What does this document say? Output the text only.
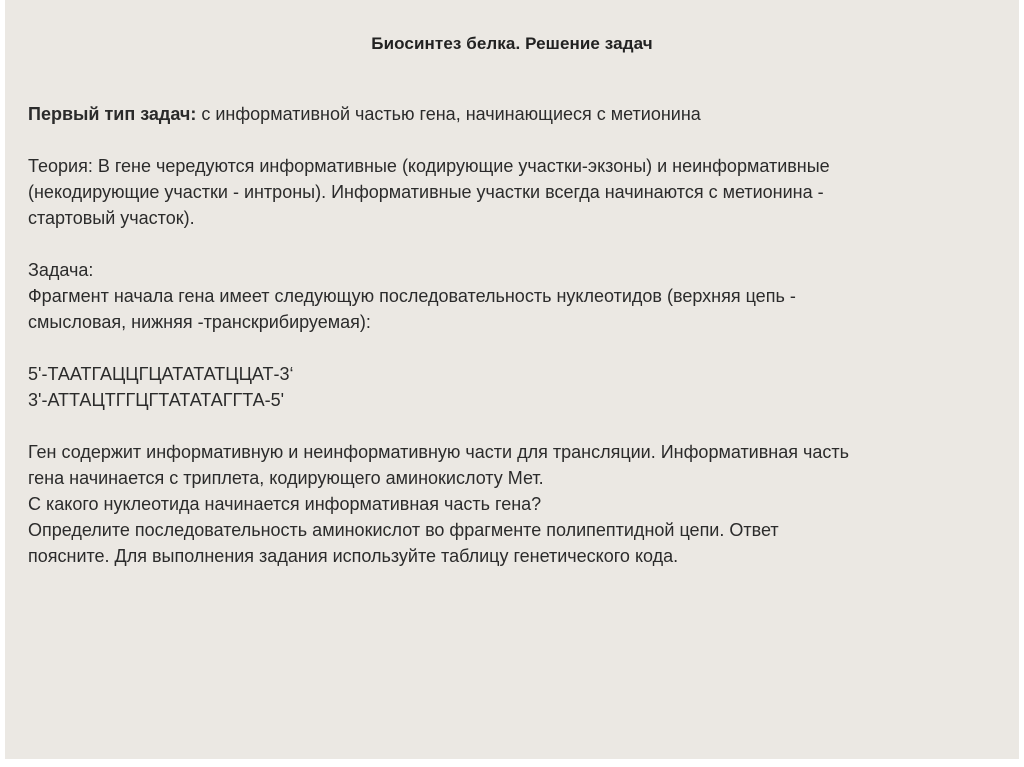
Биосинтез белка. Решение задач
Первый тип задач: с информативной частью гена, начинающиеся с метионина
Теория: В гене чередуются информативные (кодирующие участки-экзоны) и неинформативные
(некодирующие участки - интроны). Информативные участки всегда начинаются с метионина -
стартовый участок).
Задача:
Фрагмент начала гена имеет следующую последовательность нуклеотидов (верхняя цепь -
смысловая, нижняя -транскрибируемая):
5'-ТААТГАЦЦГЦАТАТАТЦЦАТ-3‘
3'-АТТАЦТГГЦГТАТАТАГГТА-5'
Ген содержит информативную и неинформативную части для трансляции. Информативная часть
гена начинается с триплета, кодирующего аминокислоту Мет.
С какого нуклеотида начинается информативная часть гена?
Определите последовательность аминокислот во фрагменте полипептидной цепи. Ответ
поясните. Для выполнения задания используйте таблицу генетического кода.
